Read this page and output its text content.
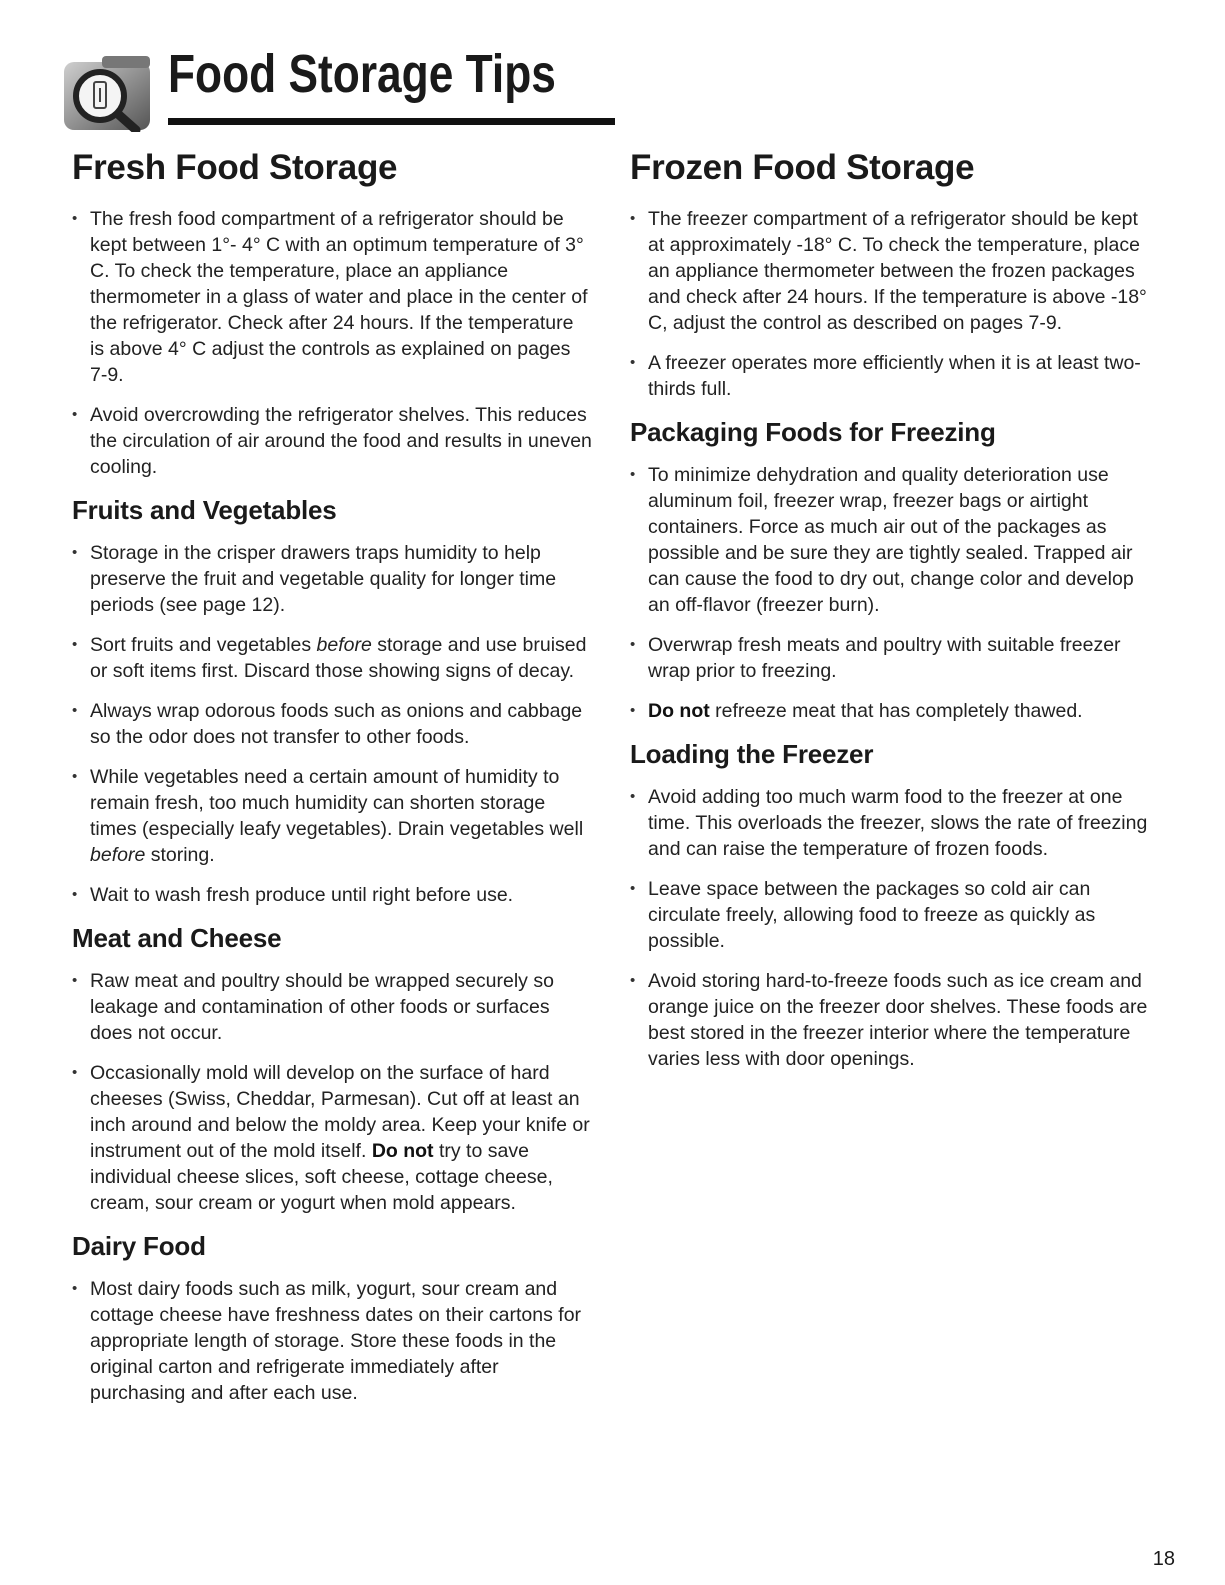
Food Storage Tips
Fresh Food Storage
• The fresh food compartment of a refrigerator should be kept between 1°- 4° C with an optimum temperature of 3° C. To check the temperature, place an appliance thermometer in a glass of water and place in the center of the refrigerator. Check after 24 hours. If the temperature is above 4° C adjust the controls as explained on pages 7-9.
• Avoid overcrowding the refrigerator shelves. This reduces the circulation of air around the food and results in uneven cooling.
Fruits and Vegetables
• Storage in the crisper drawers traps humidity to help preserve the fruit and vegetable quality for longer time periods (see page 12).
• Sort fruits and vegetables before storage and use bruised or soft items first. Discard those showing signs of decay.
• Always wrap odorous foods such as onions and cabbage so the odor does not transfer to other foods.
• While vegetables need a certain amount of humidity to remain fresh, too much humidity can shorten storage times (especially leafy vegetables). Drain vegetables well before storing.
• Wait to wash fresh produce until right before use.
Meat and Cheese
• Raw meat and poultry should be wrapped securely so leakage and contamination of other foods or surfaces does not occur.
• Occasionally mold will develop on the surface of hard cheeses (Swiss, Cheddar, Parmesan). Cut off at least an inch around and below the moldy area. Keep your knife or instrument out of the mold itself. Do not try to save individual cheese slices, soft cheese, cottage cheese, cream, sour cream or yogurt when mold appears.
Dairy Food
• Most dairy foods such as milk, yogurt, sour cream and cottage cheese have freshness dates on their cartons for appropriate length of storage. Store these foods in the original carton and refrigerate immediately after purchasing and after each use.
Frozen Food Storage
• The freezer compartment of a refrigerator should be kept at approximately -18° C. To check the temperature, place an appliance thermometer between the frozen packages and check after 24 hours. If the temperature is above -18° C, adjust the control as described on pages 7-9.
• A freezer operates more efficiently when it is at least two-thirds full.
Packaging Foods for Freezing
• To minimize dehydration and quality deterioration use aluminum foil, freezer wrap, freezer bags or airtight containers. Force as much air out of the packages as possible and be sure they are tightly sealed. Trapped air can cause the food to dry out, change color and develop an off-flavor (freezer burn).
• Overwrap fresh meats and poultry with suitable freezer wrap prior to freezing.
• Do not refreeze meat that has completely thawed.
Loading the Freezer
• Avoid adding too much warm food to the freezer at one time. This overloads the freezer, slows the rate of freezing and can raise the temperature of frozen foods.
• Leave space between the packages so cold air can circulate freely, allowing food to freeze as quickly as possible.
• Avoid storing hard-to-freeze foods such as ice cream and orange juice on the freezer door shelves. These foods are best stored in the freezer interior where the temperature varies less with door openings.
18
